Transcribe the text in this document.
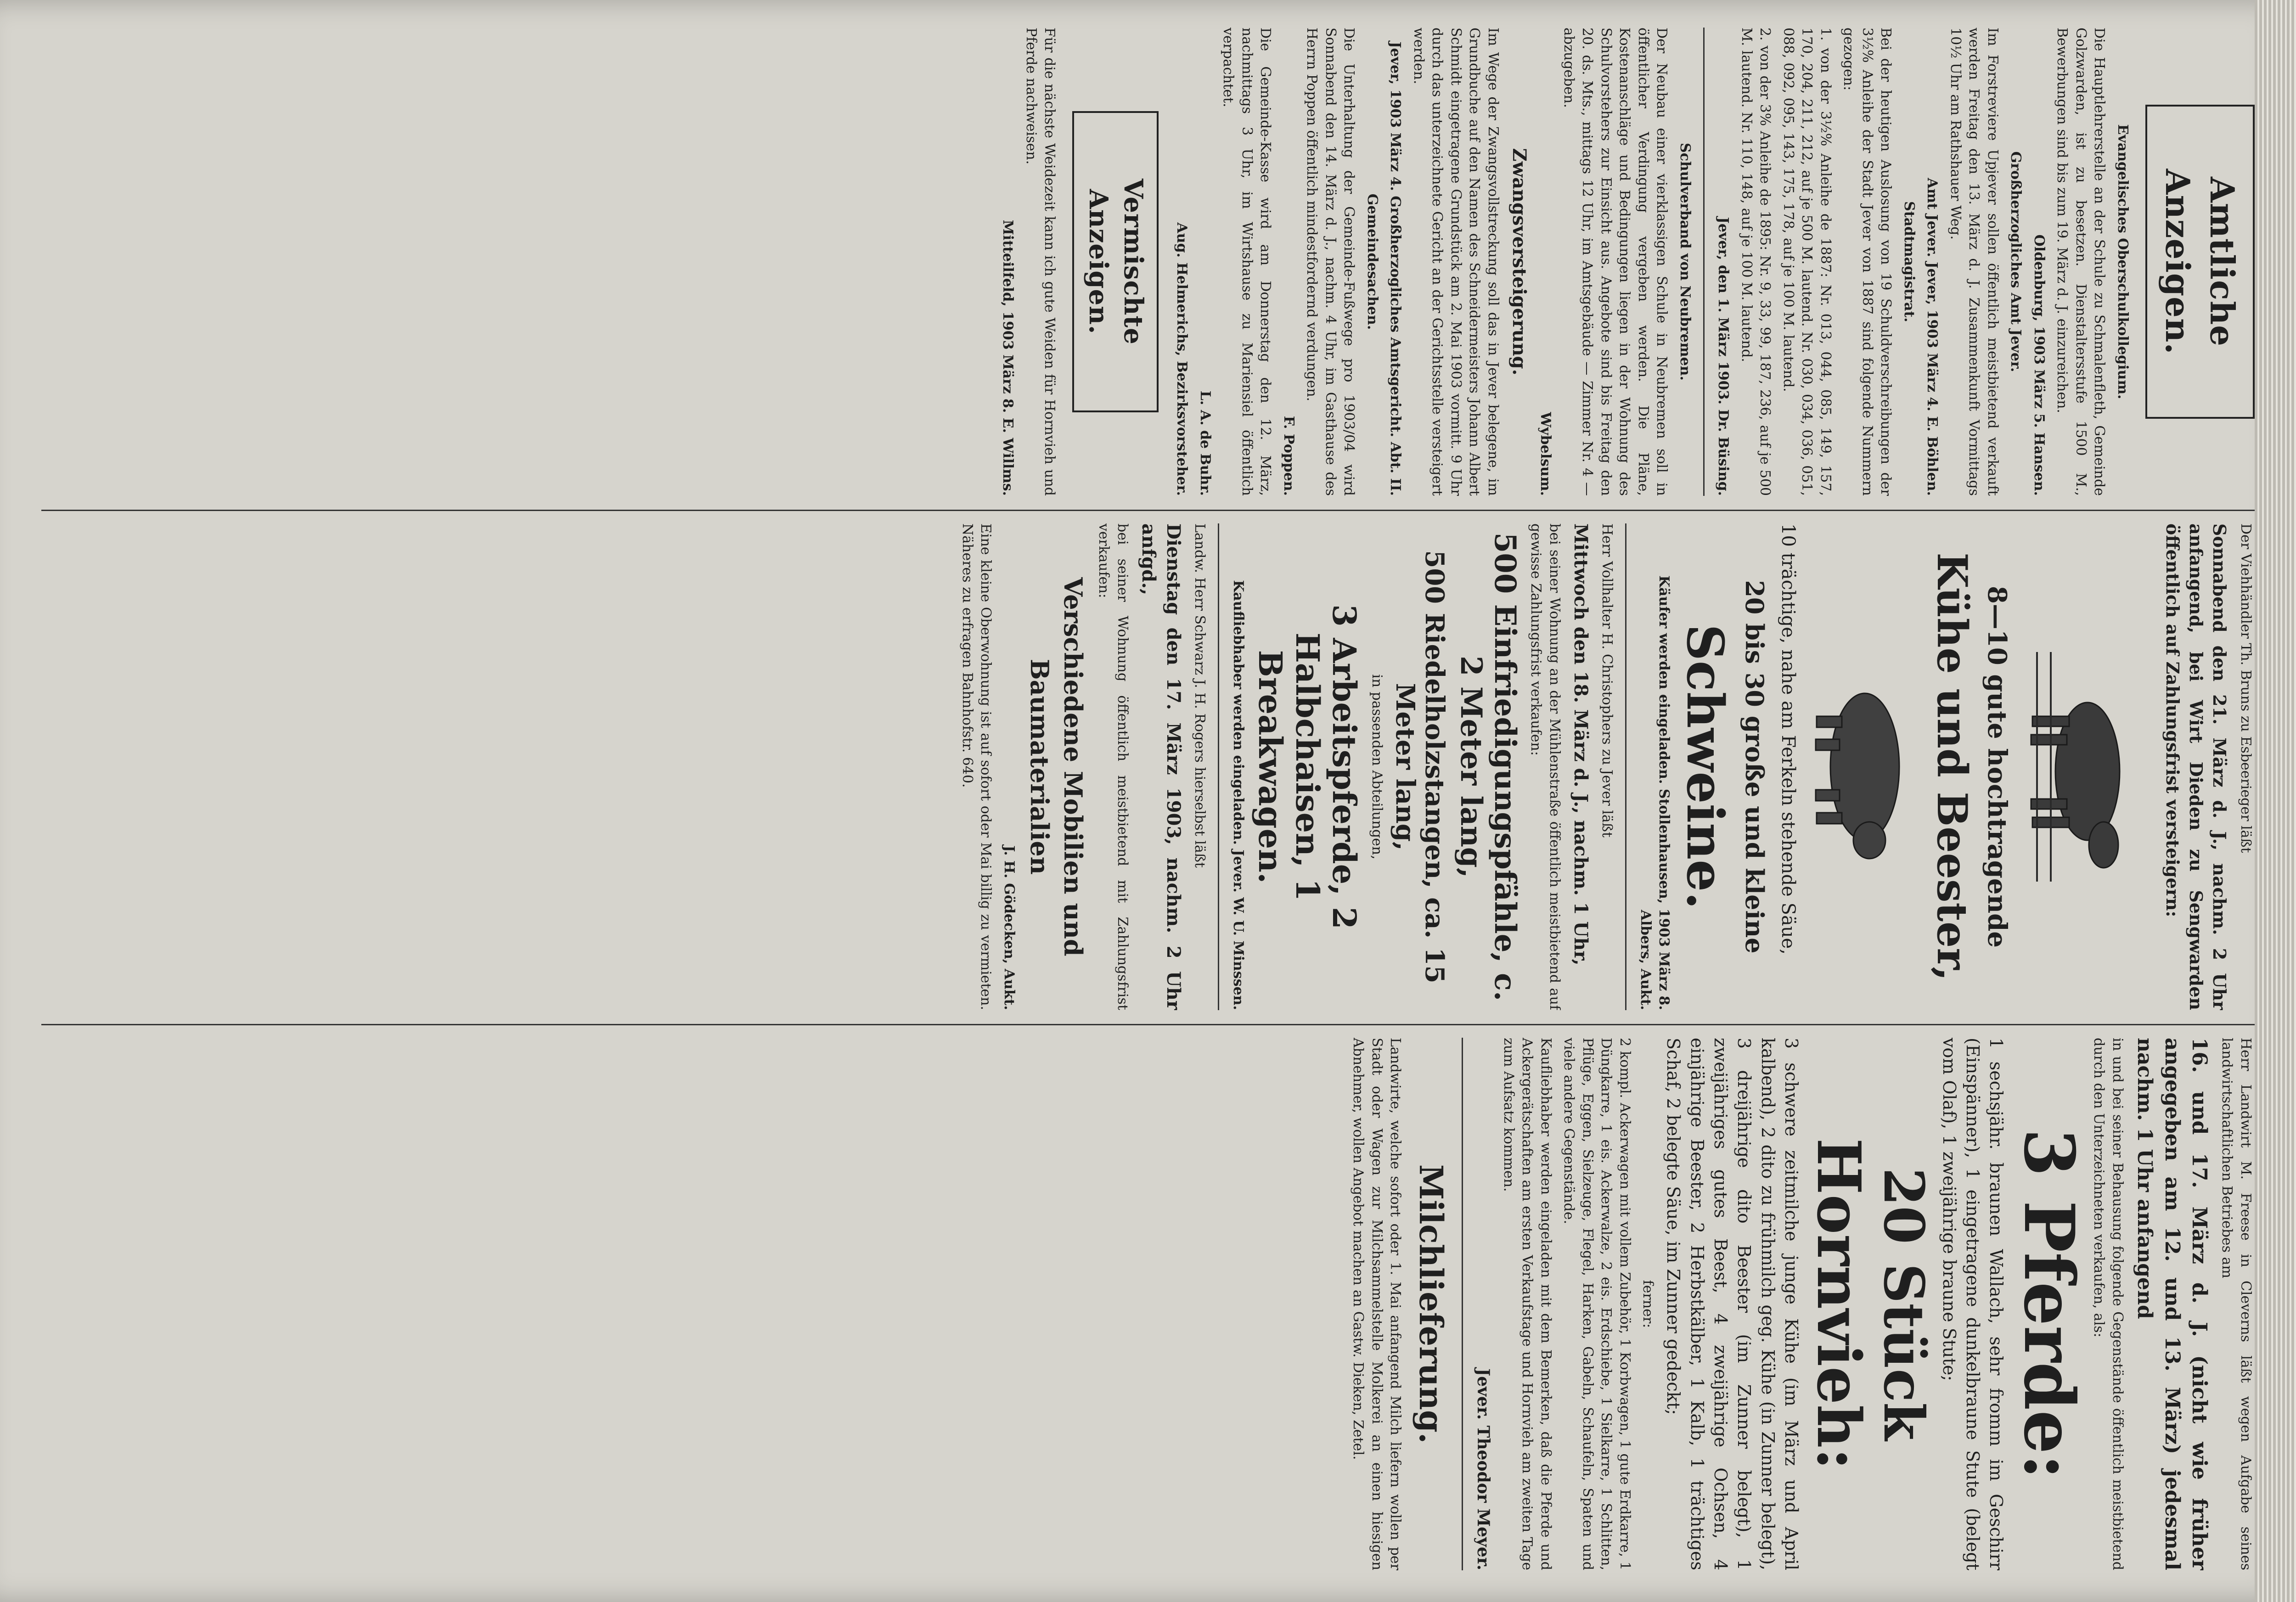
Amtliche Anzeigen.

Evangelisches Oberschulkollegium.

Die Hauptlehrerstelle an der Schule zu Schmalenfleth, Gemeinde Golzwarden, ist zu besetzen. Dienstaltersstufe 1500 M., Bewerbungen sind bis zum 19. März d. J. einzureichen.

Oldenburg, 1903 März 5. Hansen.

Großherzogliches Amt Jever.

Im Forstreviere Upjever sollen öffentlich meistbietend verkauft werden Freitag den 13. März d. J. Zusammenkunft Vormittags 10½ Uhr am Rathshauer Weg.

Amt Jever. Jever, 1903 März 4. E. Böhlen.

Stadtmagistrat.

Bei der heutigen Auslosung von 19 Schuldverschreibungen der 3½% Anleihe der Stadt Jever von 1887 sind folgende Nummern gezogen:

1. von der 3½% Anleihe de 1887: Nr. 013, 044, 085, 149, 157, 170, 204, 211, 212, auf je 500 M. lautend. Nr. 030, 034, 036, 051, 088, 092, 095, 143, 175, 178, auf je 100 M. lautend.

2. von der 3% Anleihe de 1895: Nr. 9, 33, 99, 187, 236, auf je 500 M. lautend. Nr. 110, 148, auf je 100 M. lautend.

Jever, den 1. März 1903. Dr. Büsing.

Schulverband von Neubremen.

Der Neubau einer vierklassigen Schule in Neubremen soll in öffentlicher Verdingung vergeben werden. Die Pläne, Kostenanschläge und Bedingungen liegen in der Wohnung des Schulvorstehers zur Einsicht aus. Angebote sind bis Freitag den 20. ds. Mts., mittags 12 Uhr, im Amtsgebäude — Zimmer Nr. 4 — abzugeben.

Wybelsum.

Zwangsversteigerung.

Im Wege der Zwangsvollstreckung soll das in Jever belegene, im Grundbuche auf den Namen des Schneidermeisters Johann Albert Schmidt eingetragene Grundstück am 2. Mai 1903 vormitt. 9 Uhr durch das unterzeichnete Gericht an der Gerichtsstelle versteigert werden.

Jever, 1903 März 4. Großherzogliches Amtsgericht. Abt. II.

Gemeindesachen.

Die Unterhaltung der Gemeinde-Fußwege pro 1903/04 wird Sonnabend den 14. März d. J., nachm. 4 Uhr, im Gasthause des Herrn Poppen öffentlich mindestfordernd verdungen.

F. Poppen.

Die Gemeinde-Kasse wird am Donnerstag den 12. März, nachmittags 3 Uhr, im Wirtshause zu Mariensiel öffentlich verpachtet.

L. A. de Buhr.

Aug. Helmerichs, Bezirksvorsteher.

Vermischte Anzeigen.

Für die nächste Weidezeit kann ich gute Weiden für Hornvieh und Pferde nachweisen.

Mitteilfeld, 1903 März 8. E. Willms.

Der Viehhändler Th. Bruns zu Esbeerieger läßt

Sonnabend den 21. März d. J., nachm. 2 Uhr anfangend, bei Wirt Dieden zu Sengwarden öffentlich auf Zahlungsfrist versteigern:

8—10 gute hochtragende

Kühe und Beester,

10 trächtige, nahe am Ferkeln stehende Säue,

20 bis 30 große und kleine

Schweine.

Käufer werden eingeladen. Stollenhausen, 1903 März 8. Albers, Aukt.

Herr Vollhalter H. Christophers zu Jever läßt

Mittwoch den 18. März d. J., nachm. 1 Uhr,

bei seiner Wohnung an der Mühlenstraße öffentlich meistbietend auf gewisse Zahlungsfrist verkaufen:

500 Einfriedigungspfähle, c. 2 Meter lang,

500 Riedelholzstangen, ca. 15 Meter lang,

in passenden Abteilungen,

3 Arbeitspferde, 2 Halbchaisen, 1 Breakwagen.

Kaufliebhaber werden eingeladen. Jever. W. U. Minssen.

Landw. Herr Schwarz J. H. Rogers hierselbst läßt

Dienstag den 17. März 1903, nachm. 2 Uhr anfgd.,

bei seiner Wohnung öffentlich meistbietend mit Zahlungsfrist verkaufen:

Verschiedene Mobilien und Baumaterialien

J. H. Gödecken, Aukt.

Eine kleine Oberwohnung ist auf sofort oder Mai billig zu vermieten. Näheres zu erfragen Bahnhofstr. 640.

Herr Landwirt M. Freese in Cleverns läßt wegen Aufgabe seines landwirtschaftlichen Betriebes am

16. und 17. März d. J. (nicht wie früher angegeben am 12. und 13. März) jedesmal nachm. 1 Uhr anfangend

in und bei seiner Behausung folgende Gegenstände öffentlich meistbietend durch den Unterzeichneten verkaufen, als:

3 Pferde:

1 sechsjähr. braunen Wallach, sehr fromm im Geschirr (Einspänner), 1 eingetragene dunkelbraune Stute (belegt vom Olaf), 1 zweijährige braune Stute;

20 Stück

Hornvieh:

3 schwere zeitmilche junge Kühe (im März und April kalbend), 2 dito zu frühmilch geg. Kühe (in Zunner belegt), 3 dreijährige dito Beester (im Zunner belegt), 1 zweijähriges gutes Beest, 4 zweijährige Ochsen, 4 einjährige Beester, 2 Herbstkälber, 1 Kalb, 1 trächtiges Schaf, 2 belegte Säue, im Zunner gedeckt;

ferner:

2 kompl. Ackerwagen mit vollem Zubehör, 1 Korbwagen, 1 gute Erdkarre, 1 Düngkarre, 1 eis. Ackerwalze, 2 eis. Erdschiebe, 1 Sielkarre, 1 Schlitten, Pflüge, Eggen, Sielzeuge, Flegel, Harken, Gabeln, Schaufeln, Spaten und viele andere Gegenstände.

Kaufliebhaber werden eingeladen mit dem Bemerken, daß die Pferde und Ackergerätschaften am ersten Verkaufstage und Hornvieh am zweiten Tage zum Aufsatz kommen.

Jever. Theodor Meyer.

Milchlieferung.

Landwirte, welche sofort oder 1. Mai anfangend Milch liefern wollen per Stadt oder Wagen zur Milchsammelstelle Molkerei an einen hiesigen Abnehmer, wollen Angebot machen an Gastw. Dieken, Zetel.
